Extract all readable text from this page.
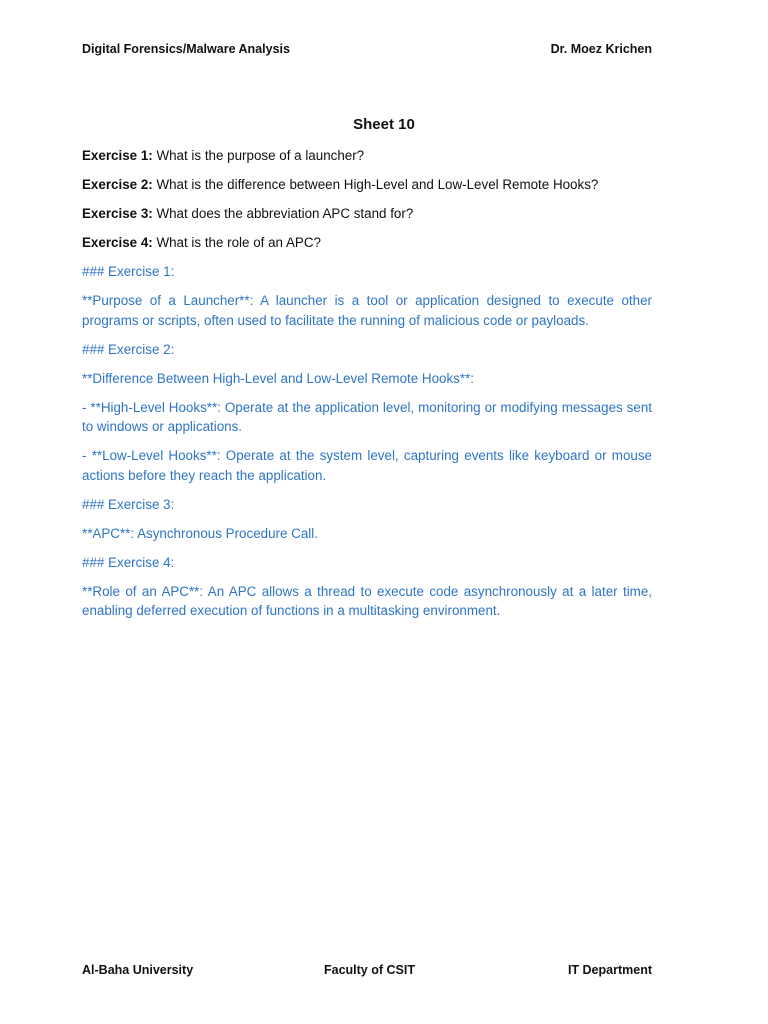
Digital Forensics/Malware Analysis	Dr. Moez Krichen
Sheet 10

Exercise 1: What is the purpose of a launcher?

Exercise 2: What is the difference between High-Level and Low-Level Remote Hooks?

Exercise 3: What does the abbreviation APC stand for?

Exercise 4: What is the role of an APC?

### Exercise 1:

**Purpose of a Launcher**: A launcher is a tool or application designed to execute other programs or scripts, often used to facilitate the running of malicious code or payloads.

### Exercise 2:

**Difference Between High-Level and Low-Level Remote Hooks**:

- **High-Level Hooks**: Operate at the application level, monitoring or modifying messages sent to windows or applications.

- **Low-Level Hooks**: Operate at the system level, capturing events like keyboard or mouse actions before they reach the application.

### Exercise 3:

**APC**: Asynchronous Procedure Call.

### Exercise 4:

**Role of an APC**: An APC allows a thread to execute code asynchronously at a later time, enabling deferred execution of functions in a multitasking environment.

Al-Baha University	Faculty of CSIT	IT Department
